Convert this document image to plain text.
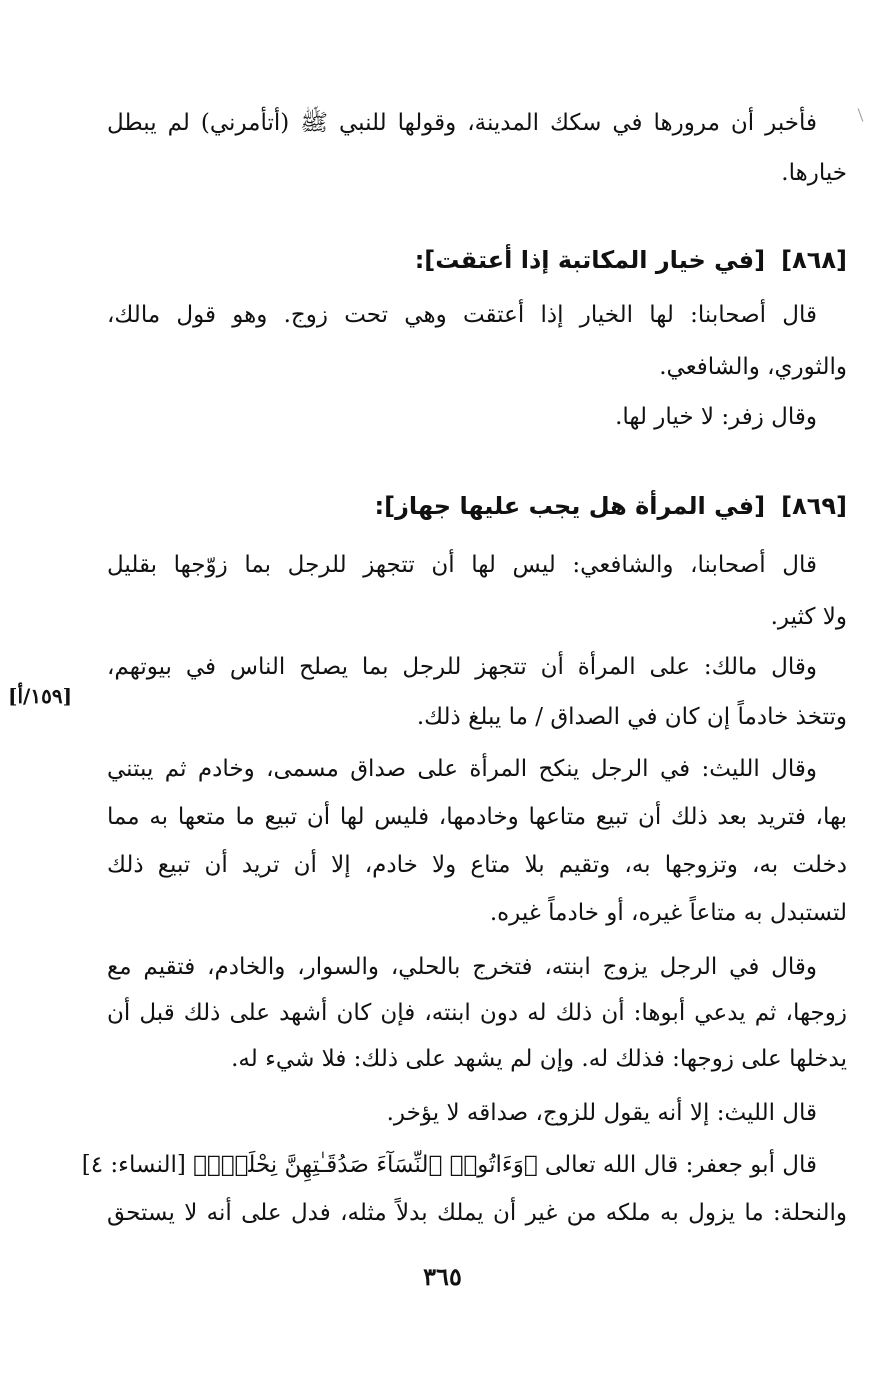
فأخبر أن مرورها في سكك المدينة، وقولها للنبي ﷺ (أتأمرني) لم يبطل
خيارها.
[٨٦٨][في خيار المكاتبة إذا أعتقت]:
قال أصحابنا: لها الخيار إذا أعتقت وهي تحت زوج. وهو قول مالك،
والثوري، والشافعي.
وقال زفر: لا خيار لها.
[٨٦٩][في المرأة هل يجب عليها جهاز]:
قال أصحابنا، والشافعي: ليس لها أن تتجهز للرجل بما زوّجها بقليل
ولا كثير.
وقال مالك: على المرأة أن تتجهز للرجل بما يصلح الناس في بيوتهم،
وتتخذ خادماً إن كان في الصداق / ما يبلغ ذلك.
[١٥٩/أ]
وقال الليث: في الرجل ينكح المرأة على صداق مسمى، وخادم ثم يبتني
بها، فتريد بعد ذلك أن تبيع متاعها وخادمها، فليس لها أن تبيع ما متعها به مما
دخلت به، وتزوجها به، وتقيم بلا متاع ولا خادم، إلا أن تريد أن تبيع ذلك
لتستبدل به متاعاً غيره، أو خادماً غيره.
وقال في الرجل يزوج ابنته، فتخرج بالحلي، والسوار، والخادم، فتقيم مع
زوجها، ثم يدعي أبوها: أن ذلك له دون ابنته، فإن كان أشهد على ذلك قبل أن
يدخلها على زوجها: فذلك له. وإن لم يشهد على ذلك: فلا شيء له.
قال الليث: إلا أنه يقول للزوج، صداقه لا يؤخر.
قال أبو جعفر: قال الله تعالى ﴿وَءَاتُوا۟ ٱلنِّسَآءَ صَدُقَـٰتِهِنَّ نِحْلَةًۚ﴾ [النساء: ٤]
والنحلة: ما يزول به ملكه من غير أن يملك بدلاً مثله، فدل على أنه لا يستحق
٣٦٥
